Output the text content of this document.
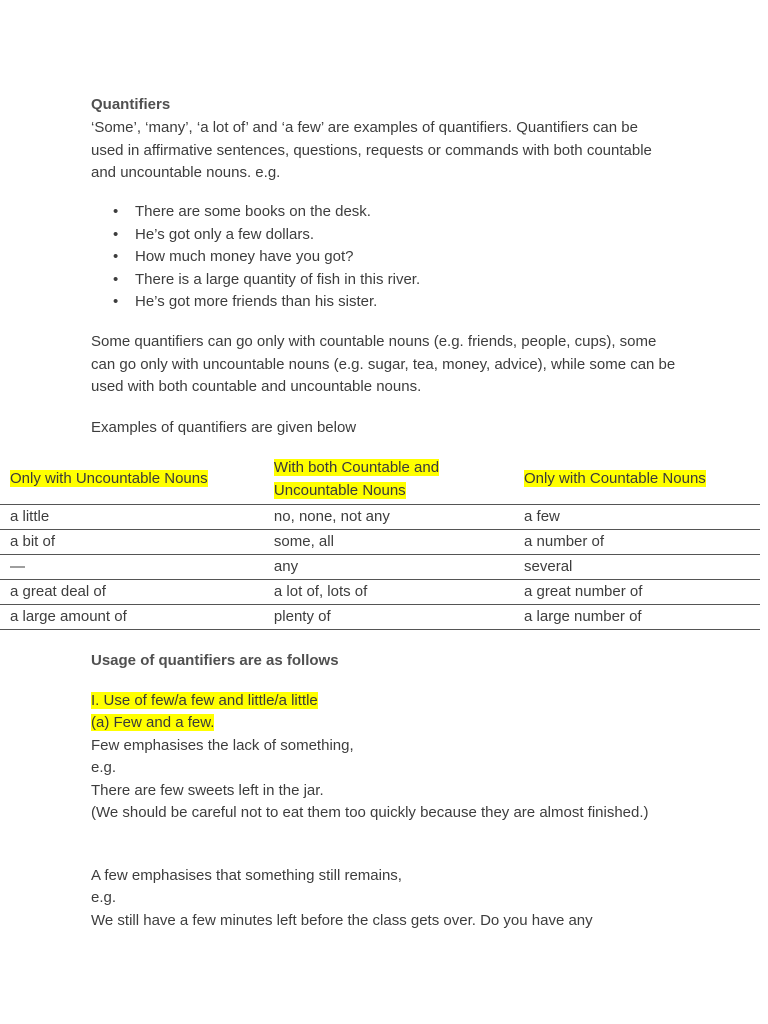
Quantifiers
‘Some’, ‘many’, ‘a lot of’ and ‘a few’ are examples of quantifiers. Quantifiers can be used in affirmative sentences, questions, requests or commands with both countable and uncountable nouns. e.g.
• There are some books on the desk.
• He’s got only a few dollars.
• How much money have you got?
• There is a large quantity of fish in this river.
• He’s got more friends than his sister.
Some quantifiers can go only with countable nouns (e.g. friends, people, cups), some can go only with uncountable nouns (e.g. sugar, tea, money, advice), while some can be used with both countable and uncountable nouns.
Examples of quantifiers are given below
Only with Uncountable Nouns	With both Countable and Uncountable Nouns	Only with Countable Nouns
a little	no, none, not any	a few
a bit of	some, all	a number of
—	any	several
a great deal of	a lot of, lots of	a great number of
a large amount of	plenty of	a large number of
Usage of quantifiers are as follows
I. Use of few/a few and little/a little
(a) Few and a few.
Few emphasises the lack of something,
e.g.
There are few sweets left in the jar.
(We should be careful not to eat them too quickly because they are almost finished.)
A few emphasises that something still remains,
e.g.
We still have a few minutes left before the class gets over. Do you have any
